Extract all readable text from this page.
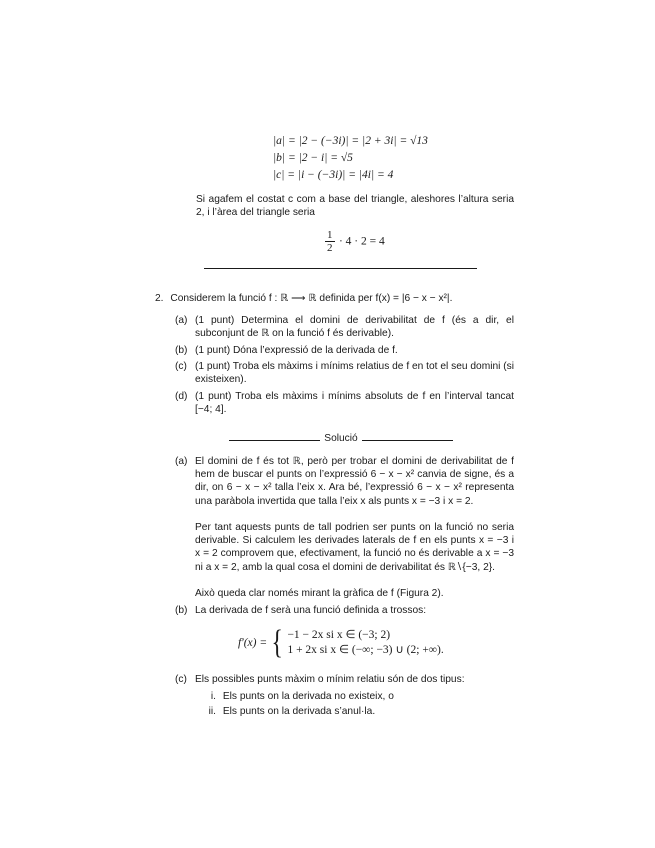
|a| = |2 − (−3i)| = |2 + 3i| = √13
|b| = |2 − i| = √5
|c| = |i − (−3i)| = |4i| = 4
Si agafem el costat c com a base del triangle, aleshores l’altura seria 2, i l’àrea del triangle seria
$\frac{1}{2} \cdot 4 \cdot 2 = 4$
2. Considerem la funció f : ℝ ⟶ ℝ definida per f(x) = |6 − x − x²|.
(a) (1 punt) Determina el domini de derivabilitat de f (és a dir, el subconjunt de ℝ on la funció f és derivable).
(b) (1 punt) Dóna l’expressió de la derivada de f.
(c) (1 punt) Troba els màxims i mínims relatius de f en tot el seu domini (si existeixen).
(d) (1 punt) Troba els màxims i mínims absoluts de f en l’interval tancat [−4; 4].
Solució
(a) El domini de f és tot ℝ, però per trobar el domini de derivabilitat de f hem de buscar el punts on l’expressió 6 − x − x² canvia de signe, és a dir, on 6 − x − x² talla l’eix x. Ara bé, l’expressió 6 − x − x² representa una paràbola invertida que talla l’eix x als punts x = −3 i x = 2.
Per tant aquests punts de tall podrien ser punts on la funció no seria derivable. Si calculem les derivades laterals de f en els punts x = −3 i x = 2 comprovem que, efectivament, la funció no és derivable a x = −3 ni a x = 2, amb la qual cosa el domini de derivabilitat és ℝ∖{−3, 2}.
Això queda clar només mirant la gràfica de f (Figura 2).
(b) La derivada de f serà una funció definida a trossos:
f′(x) = { −1 − 2x si x ∈ (−3; 2)
1 + 2x si x ∈ (−∞; −3) ∪ (2; +∞).
(c) Els possibles punts màxim o mínim relatiu són de dos tipus:
i. Els punts on la derivada no existeix, o
ii. Els punts on la derivada s’anul·la.
